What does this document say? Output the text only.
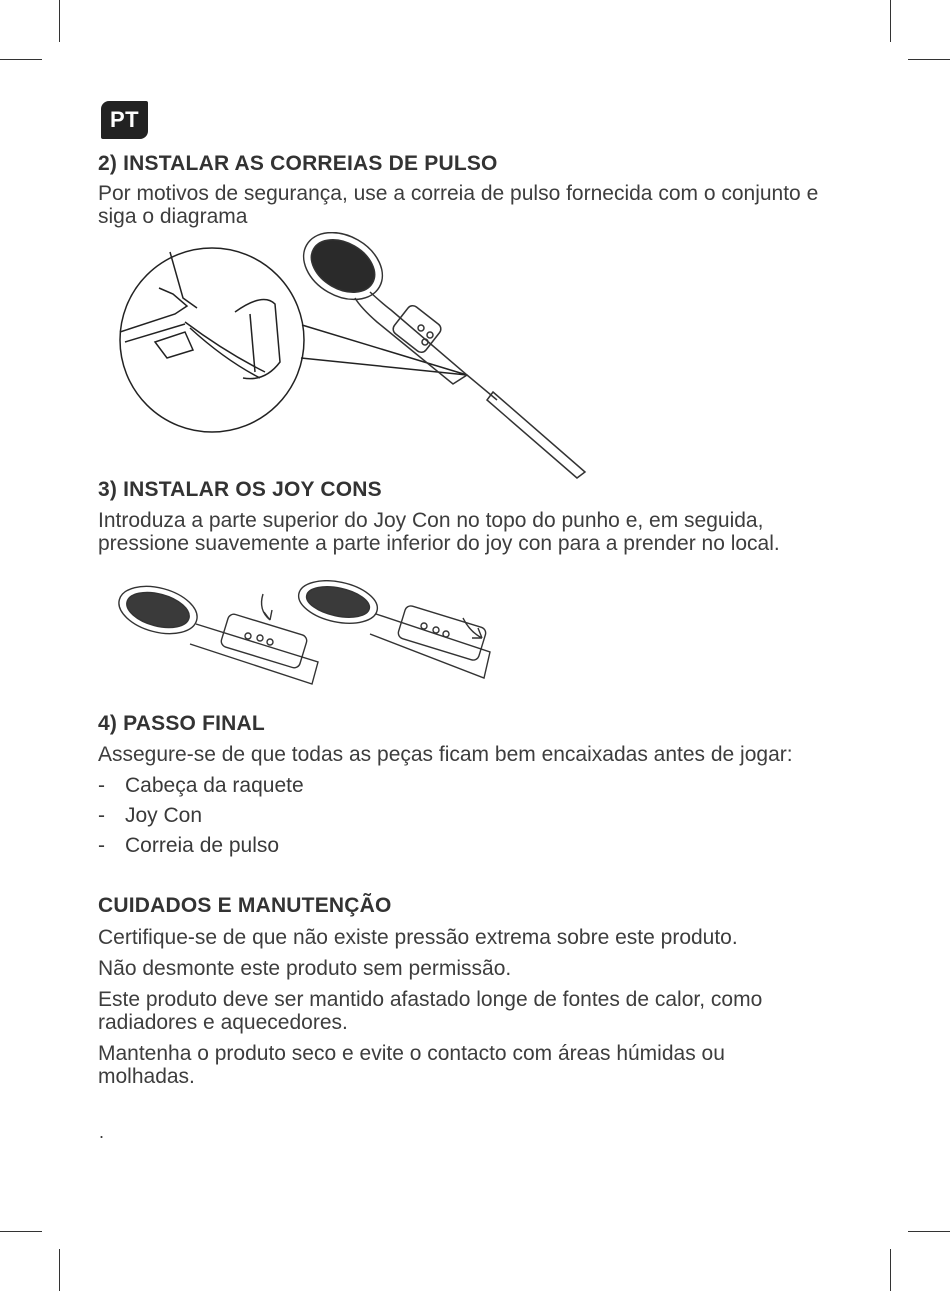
PT
2) INSTALAR AS CORREIAS DE PULSO

Por motivos de segurança, use a correia de pulso fornecida com o conjunto e siga o diagrama

3) INSTALAR OS JOY CONS

Introduza a parte superior do Joy Con no topo do punho e, em seguida, pressione suavemente a parte inferior do joy con para a prender no local.

4) PASSO FINAL

Assegure-se de que todas as peças ficam bem encaixadas antes de jogar:

- Cabeça da raquete
- Joy Con
- Correia de pulso
CUIDADOS E MANUTENÇÃO

Certifique-se de que não existe pressão extrema sobre este produto.

Não desmonte este produto sem permissão.

Este produto deve ser mantido afastado longe de fontes de calor, como radiadores e aquecedores.

Mantenha o produto seco e evite o contacto com áreas húmidas ou molhadas.

.
